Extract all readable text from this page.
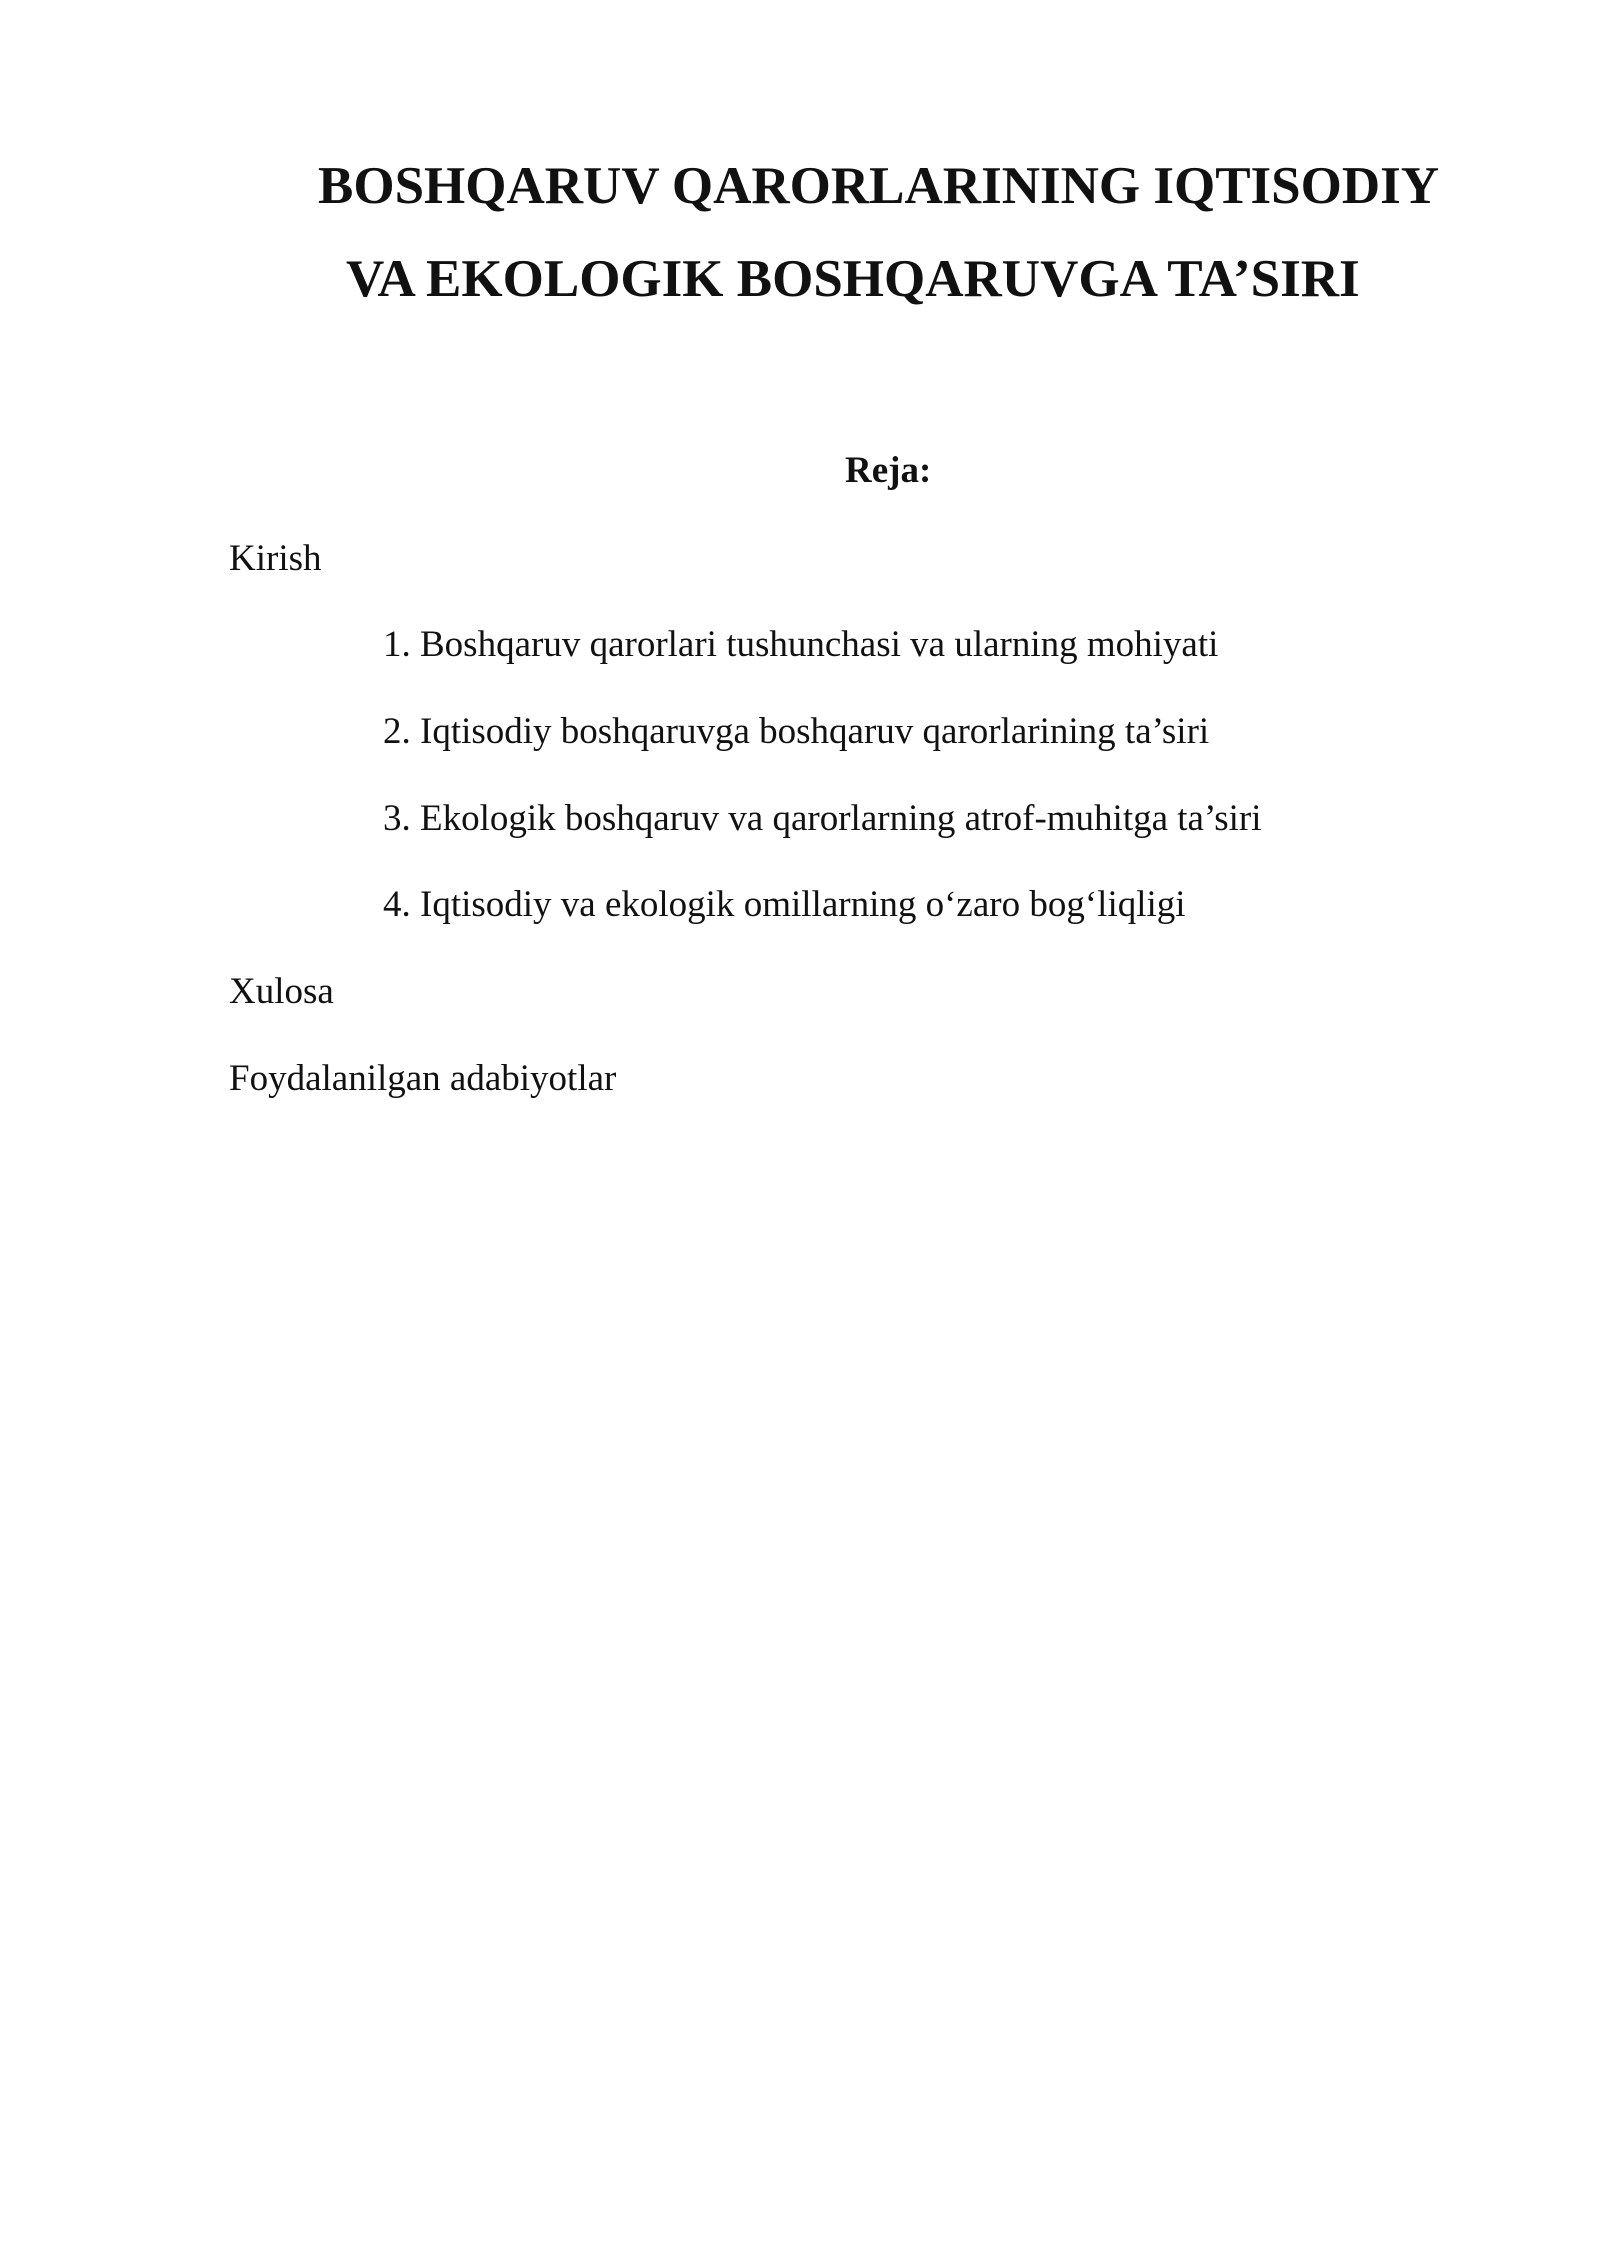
BOSHQARUV QARORLARINING IQTISODIY
VA EKOLOGIK BOSHQARUVGA TA’SIRI
Reja:
Kirish
1. Boshqaruv qarorlari tushunchasi va ularning mohiyati
2. Iqtisodiy boshqaruvga boshqaruv qarorlarining ta’siri
3. Ekologik boshqaruv va qarorlarning atrof-muhitga ta’siri
4. Iqtisodiy va ekologik omillarning o‘zaro bog‘liqligi
Xulosa
Foydalanilgan adabiyotlar
